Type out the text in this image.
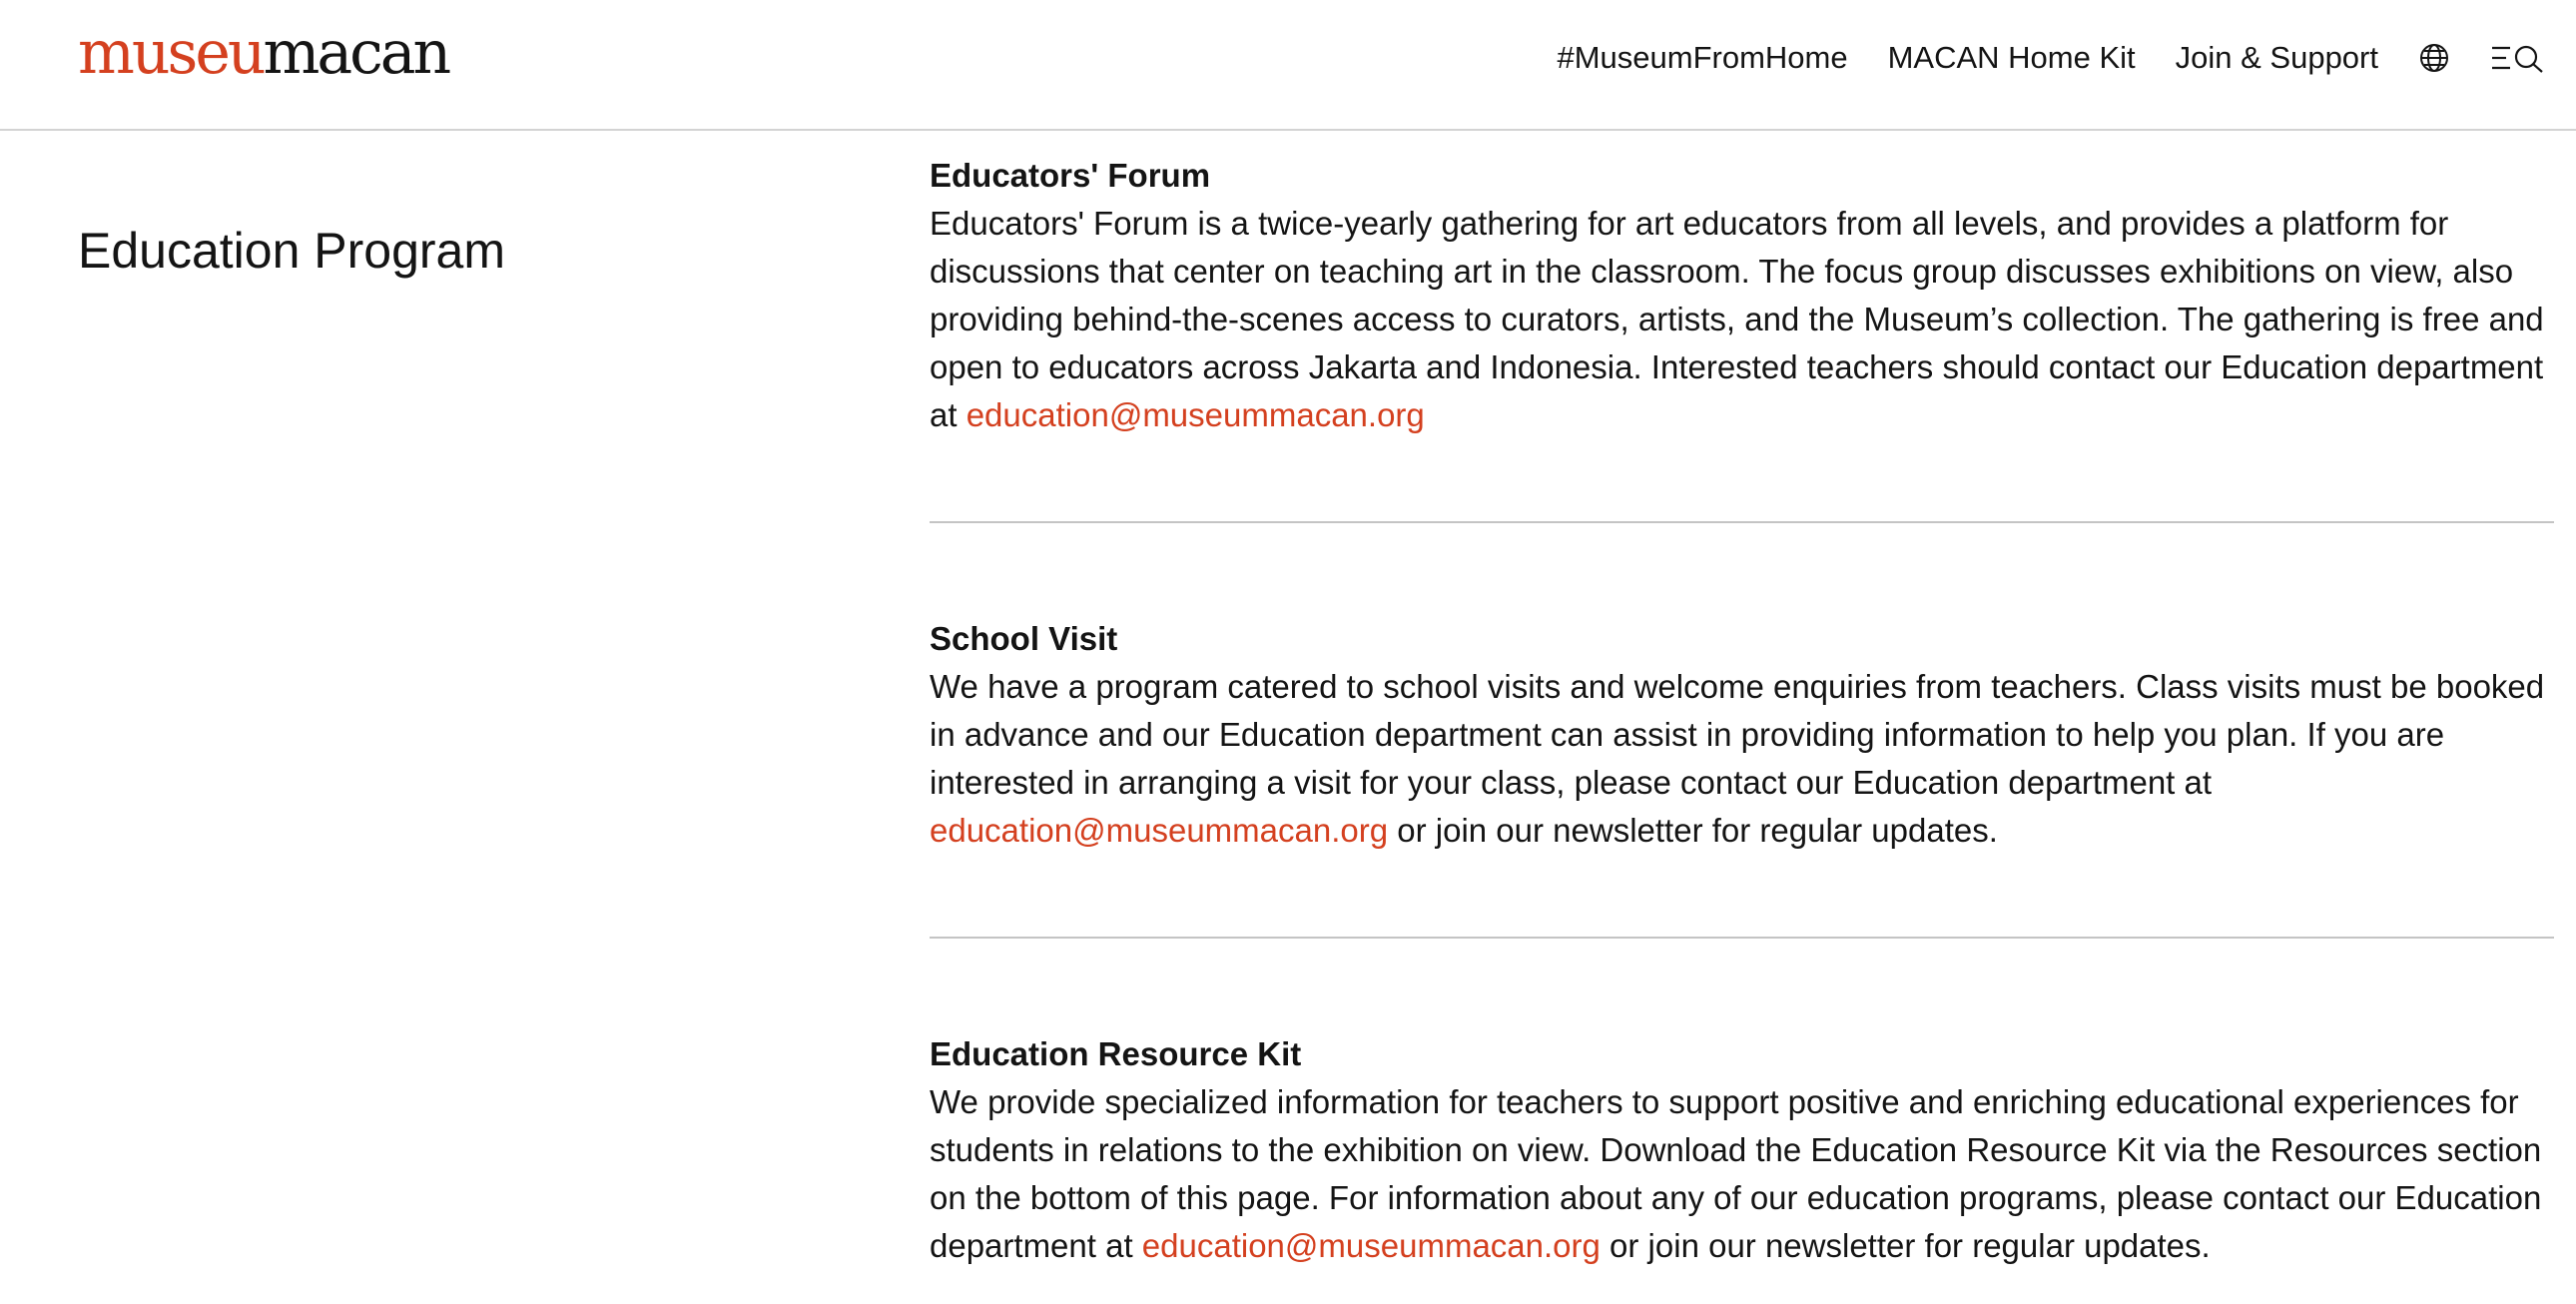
museu macan	#MuseumFromHome MACAN Home Kit Join & Support
Education Program
Educators' Forum
Educators' Forum is a twice-yearly gathering for art educators from all levels, and provides a platform for discussions that center on teaching art in the classroom. The focus group discusses exhibitions on view, also providing behind-the-scenes access to curators, artists, and the Museum’s collection. The gathering is free and open to educators across Jakarta and Indonesia. Interested teachers should contact our Education department at education@museummacan.org
School Visit
We have a program catered to school visits and welcome enquiries from teachers. Class visits must be booked in advance and our Education department can assist in providing information to help you plan. If you are interested in arranging a visit for your class, please contact our Education department at education@museummacan.org or join our newsletter for regular updates.
Education Resource Kit
We provide specialized information for teachers to support positive and enriching educational experiences for students in relations to the exhibition on view. Download the Education Resource Kit via the Resources section on the bottom of this page. For information about any of our education programs, please contact our Education department at education@museummacan.org or join our newsletter for regular updates.
